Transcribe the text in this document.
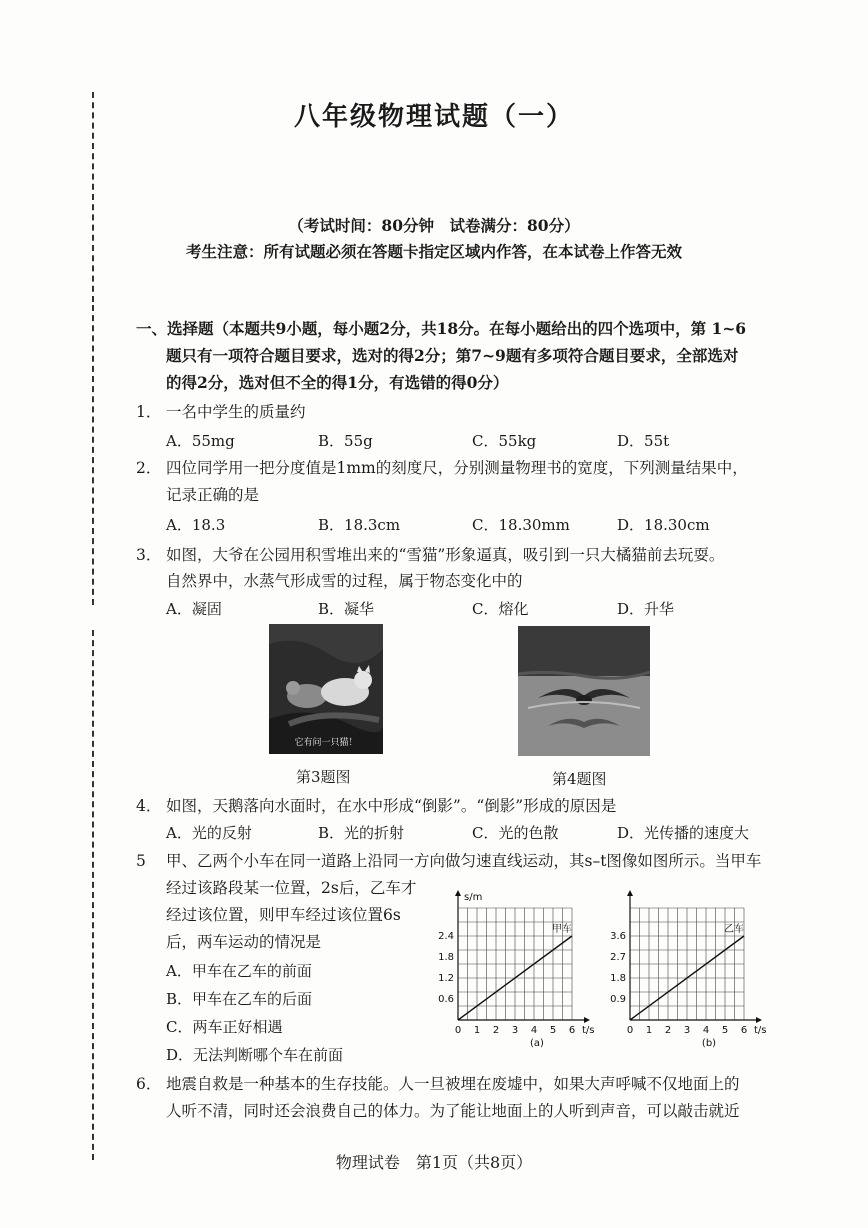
八年级物理试题（一）
（考试时间：80分钟　试卷满分：80分）
考生注意：所有试题必须在答题卡指定区域内作答，在本试卷上作答无效
一、选择题（本题共9小题，每小题2分，共18分。在每小题给出的四个选项中，第 1~6
题只有一项符合题目要求，选对的得2分；第7~9题有多项符合题目要求，全部选对
的得2分，选对但不全的得1分，有选错的得0分）
1． 一名中学生的质量约
A．55mg	B．55g	C．55kg	D．55t
2． 四位同学用一把分度值是1mm的刻度尺，分别测量物理书的宽度，下列测量结果中，
记录正确的是
A．18.3	B．18.3cm	C．18.30mm	D．18.30cm
3． 如图，大爷在公园用积雪堆出来的“雪猫”形象逼真，吸引到一只大橘猫前去玩耍。
自然界中，水蒸气形成雪的过程，属于物态变化中的
A．凝固	B．凝华	C．熔化	D．升华
它有问一只猫！
第3题图	第4题图
4． 如图，天鹅落向水面时，在水中形成“倒影”。“倒影”形成的原因是
A．光的反射	B．光的折射	C．光的色散	D．光传播的速度大
5 甲、乙两个小车在同一道路上沿同一方向做匀速直线运动，其s–t图像如图所示。当甲车
经过该路段某一位置，2s后，乙车才
经过该位置，则甲车经过该位置6s
后，两车运动的情况是
A．甲车在乙车的前面
B．甲车在乙车的后面
C．两车正好相遇
D．无法判断哪个车在前面
0 1 2 3 4 5 6
0.6
1.2
1.8
2.4
s/m
t/s
(a)
甲车
0 1 2 3 4 5 6
0.9
1.8
2.7
3.6
t/s
(b)
乙车
6． 地震自救是一种基本的生存技能。人一旦被埋在废墟中，如果大声呼喊不仅地面上的
人听不清，同时还会浪费自己的体力。为了能让地面上的人听到声音，可以敲击就近
物理试卷　第1页（共8页）
